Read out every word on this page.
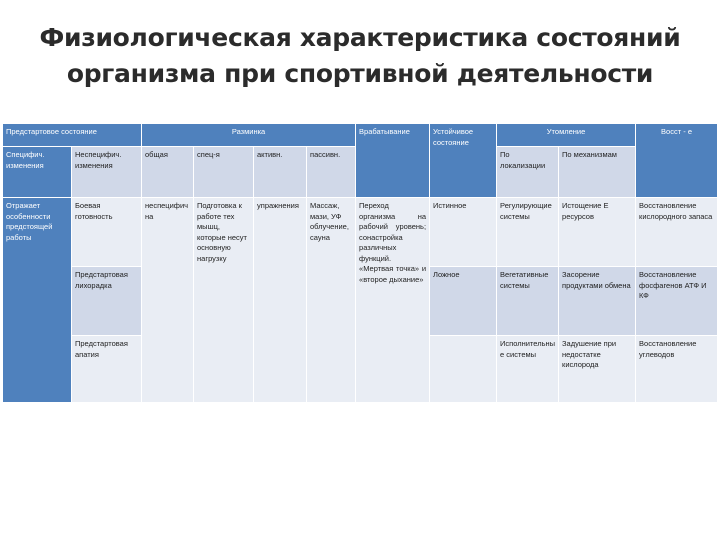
Физиологическая характеристика состояний
организма при спортивной деятельности
Предстартовое состояние		Разминка				Врабатывание	Устойчивое состояние	Утомление		Восст - е
Специфич. изменения	Неспецифич. изменения	общая	спец-я	активн.	пассивн.			По локализации	По механизмам	
Отражает особенности предстоящей работы	Боевая готовность	неспецифична	Подготовка к работе тех мышц, которые несут основную нагрузку	упражнения	Массаж, мази, УФ облучение, сауна	Переход организма на рабочий уровень; сонастройка различных функций. «Мертвая точка» и «второе дыхание»	Истинное	Регулирующие системы	Истощение Е ресурсов	Восстановление кислородного запаса
	Предстартовая лихорадка						Ложное	Вегетативные системы	Засорение продуктами обмена	Восстановление фосфагенов АТФ И КФ
	Предстартовая апатия							Исполнительные системы	Задушение при недостатке кислорода	Восстановление углеводов
